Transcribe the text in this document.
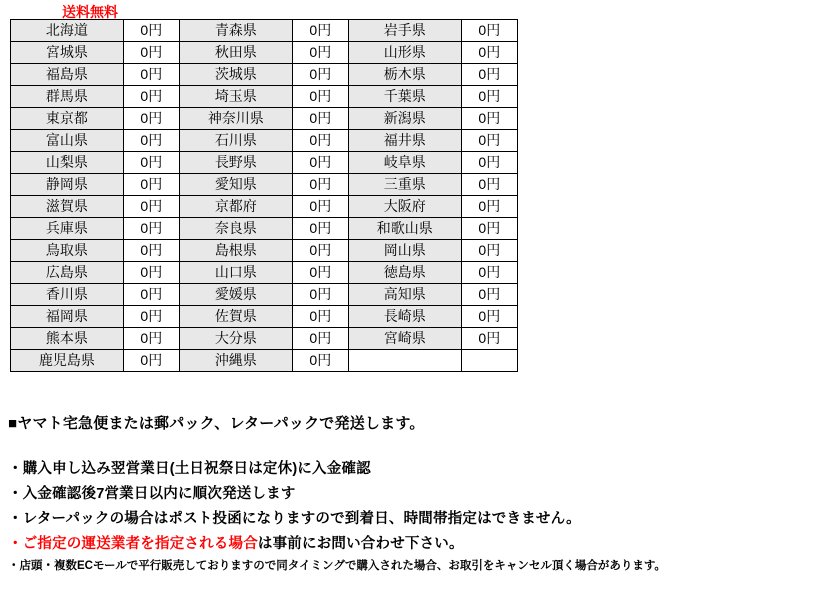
送料無料
北海道	0円	青森県	0円	岩手県	0円
宮城県	0円	秋田県	0円	山形県	0円
福島県	0円	茨城県	0円	栃木県	0円
群馬県	0円	埼玉県	0円	千葉県	0円
東京都	0円	神奈川県	0円	新潟県	0円
富山県	0円	石川県	0円	福井県	0円
山梨県	0円	長野県	0円	岐阜県	0円
静岡県	0円	愛知県	0円	三重県	0円
滋賀県	0円	京都府	0円	大阪府	0円
兵庫県	0円	奈良県	0円	和歌山県	0円
鳥取県	0円	島根県	0円	岡山県	0円
広島県	0円	山口県	0円	徳島県	0円
香川県	0円	愛媛県	0円	高知県	0円
福岡県	0円	佐賀県	0円	長崎県	0円
熊本県	0円	大分県	0円	宮崎県	0円
鹿児島県	0円	沖縄県	0円		

■ヤマト宅急便または郵パック、レターパックで発送します。

・購入申し込み翌営業日(土日祝祭日は定休)に入金確認

・入金確認後7営業日以内に順次発送します

・レターパックの場合はポスト投函になりますので到着日、時間帯指定はできません。

・ご指定の運送業者を指定される場合は事前にお問い合わせ下さい。

・店頭・複数ECモールで平行販売しておりますので同タイミングで購入された場合、お取引をキャンセル頂く場合があります。
